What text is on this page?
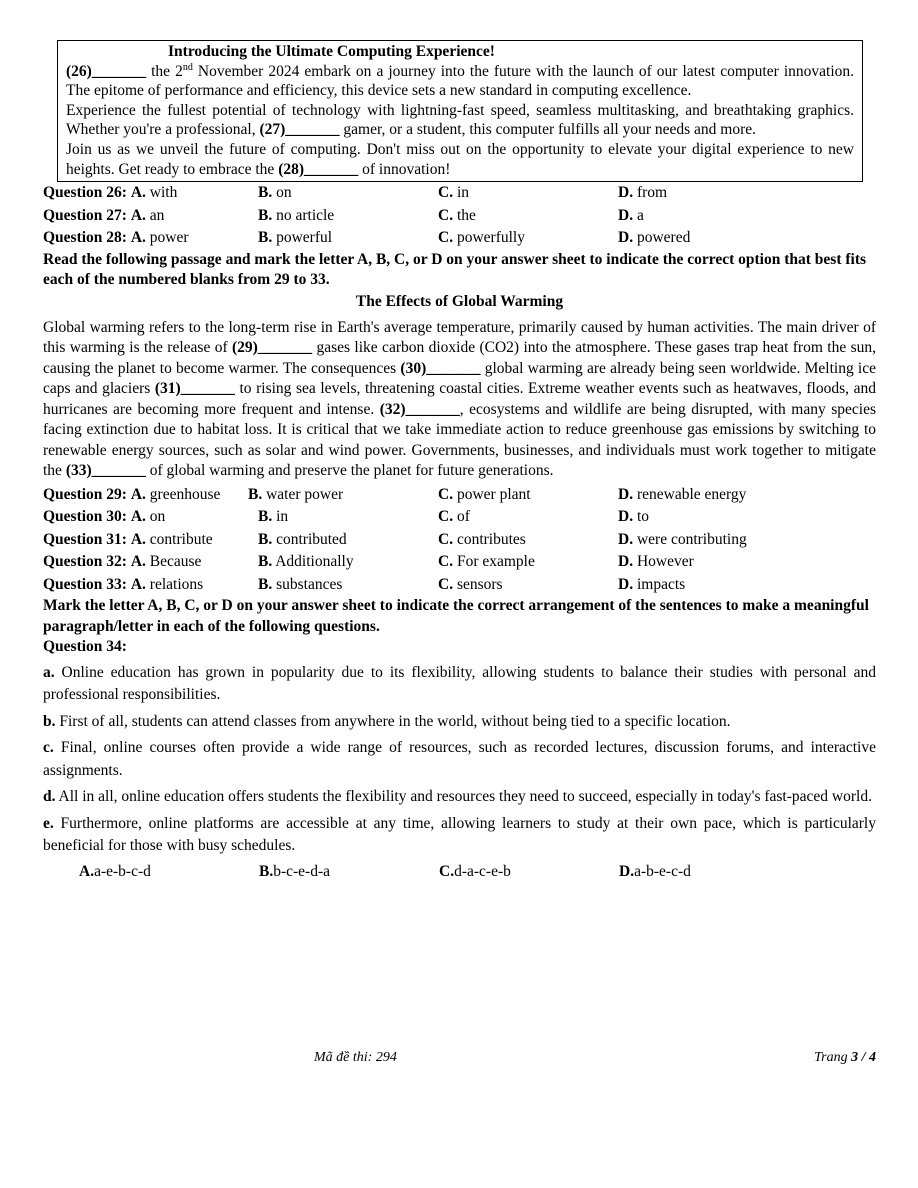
Introducing the Ultimate Computing Experience!

(26)_______ the 2nd November 2024 embark on a journey into the future with the launch of our latest computer innovation. The epitome of performance and efficiency, this device sets a new standard in computing excellence.

Experience the fullest potential of technology with lightning-fast speed, seamless multitasking, and breathtaking graphics. Whether you're a professional, (27)_______ gamer, or a student, this computer fulfills all your needs and more.

Join us as we unveil the future of computing. Don't miss out on the opportunity to elevate your digital experience to new heights. Get ready to embrace the (28)_______ of innovation!

Question 26: A. with	B. on	C. in	D. from
Question 27: A. an	B. no article	C. the	D. a
Question 28: A. power	B. powerful	C. powerfully	D. powered

Read the following passage and mark the letter A, B, C, or D on your answer sheet to indicate the correct option that best fits each of the numbered blanks from 29 to 33.

The Effects of Global Warming

Global warming refers to the long-term rise in Earth's average temperature, primarily caused by human activities. The main driver of this warming is the release of (29)_______ gases like carbon dioxide (CO2) into the atmosphere. These gases trap heat from the sun, causing the planet to become warmer. The consequences (30)_______ global warming are already being seen worldwide. Melting ice caps and glaciers (31)_______ to rising sea levels, threatening coastal cities. Extreme weather events such as heatwaves, floods, and hurricanes are becoming more frequent and intense. (32)_______, ecosystems and wildlife are being disrupted, with many species facing extinction due to habitat loss. It is critical that we take immediate action to reduce greenhouse gas emissions by switching to renewable energy sources, such as solar and wind power. Governments, businesses, and individuals must work together to mitigate the (33)_______ of global warming and preserve the planet for future generations.

Question 29: A. greenhouse	B. water power	C. power plant	D. renewable energy
Question 30: A. on	B. in	C. of	D. to
Question 31: A. contribute	B. contributed	C. contributes	D. were contributing
Question 32: A. Because	B. Additionally	C. For example	D. However
Question 33: A. relations	B. substances	C. sensors	D. impacts

Mark the letter A, B, C, or D on your answer sheet to indicate the correct arrangement of the sentences to make a meaningful paragraph/letter in each of the following questions.

Question 34:

a. Online education has grown in popularity due to its flexibility, allowing students to balance their studies with personal and professional responsibilities.

b. First of all, students can attend classes from anywhere in the world, without being tied to a specific location.

c. Final, online courses often provide a wide range of resources, such as recorded lectures, discussion forums, and interactive assignments.

d. All in all, online education offers students the flexibility and resources they need to succeed, especially in today's fast-paced world.

e. Furthermore, online platforms are accessible at any time, allowing learners to study at their own pace, which is particularly beneficial for those with busy schedules.

A.a-e-b-c-d	B.b-c-e-d-a	C.d-a-c-e-b	D.a-b-e-c-d
Mã đề thi: 294	Trang 3 / 4
